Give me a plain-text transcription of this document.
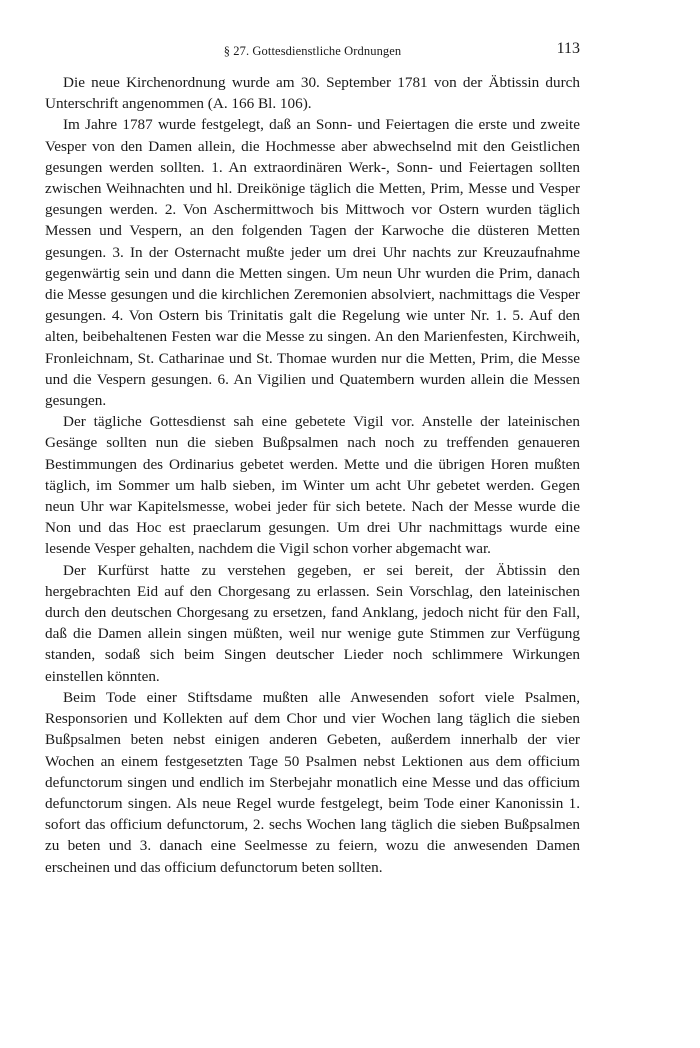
§ 27. Gottesdienstliche Ordnungen	113

Die neue Kirchenordnung wurde am 30. September 1781 von der Äbtissin durch Unterschrift angenommen (A. 166 Bl. 106).

Im Jahre 1787 wurde festgelegt, daß an Sonn- und Feiertagen die erste und zweite Vesper von den Damen allein, die Hochmesse aber abwechselnd mit den Geistlichen gesungen werden sollten. 1. An extraordinären Werk-, Sonn- und Feiertagen sollten zwischen Weihnachten und hl. Dreikönige täglich die Metten, Prim, Messe und Vesper gesungen werden. 2. Von Aschermittwoch bis Mittwoch vor Ostern wurden täglich Messen und Vespern, an den folgenden Tagen der Karwoche die düsteren Metten gesungen. 3. In der Osternacht mußte jeder um drei Uhr nachts zur Kreuzaufnahme gegenwärtig sein und dann die Metten singen. Um neun Uhr wurden die Prim, danach die Messe gesungen und die kirchlichen Zeremonien absolviert, nachmittags die Vesper gesungen. 4. Von Ostern bis Trinitatis galt die Regelung wie unter Nr. 1. 5. Auf den alten, beibehaltenen Festen war die Messe zu singen. An den Marienfesten, Kirchweih, Fronleichnam, St. Catharinae und St. Thomae wurden nur die Metten, Prim, die Messe und die Vespern gesungen. 6. An Vigilien und Quatembern wurden allein die Messen gesungen.

Der tägliche Gottesdienst sah eine gebetete Vigil vor. Anstelle der lateinischen Gesänge sollten nun die sieben Bußpsalmen nach noch zu treffenden genaueren Bestimmungen des Ordinarius gebetet werden. Mette und die übrigen Horen mußten täglich, im Sommer um halb sieben, im Winter um acht Uhr gebetet werden. Gegen neun Uhr war Kapitelsmesse, wobei jeder für sich betete. Nach der Messe wurde die Non und das Hoc est praeclarum gesungen. Um drei Uhr nachmittags wurde eine lesende Vesper gehalten, nachdem die Vigil schon vorher abgemacht war.

Der Kurfürst hatte zu verstehen gegeben, er sei bereit, der Äbtissin den hergebrachten Eid auf den Chorgesang zu erlassen. Sein Vorschlag, den lateinischen durch den deutschen Chorgesang zu ersetzen, fand Anklang, jedoch nicht für den Fall, daß die Damen allein singen müßten, weil nur wenige gute Stimmen zur Verfügung standen, sodaß sich beim Singen deutscher Lieder noch schlimmere Wirkungen einstellen könnten.

Beim Tode einer Stiftsdame mußten alle Anwesenden sofort viele Psalmen, Responsorien und Kollekten auf dem Chor und vier Wochen lang täglich die sieben Bußpsalmen beten nebst einigen anderen Gebeten, außerdem innerhalb der vier Wochen an einem festgesetzten Tage 50 Psalmen nebst Lektionen aus dem officium defunctorum singen und endlich im Sterbejahr monatlich eine Messe und das officium defunctorum singen. Als neue Regel wurde festgelegt, beim Tode einer Kanonissin 1. sofort das officium defunctorum, 2. sechs Wochen lang täglich die sieben Bußpsalmen zu beten und 3. danach eine Seelmesse zu feiern, wozu die anwesenden Damen erscheinen und das officium defunctorum beten sollten.
